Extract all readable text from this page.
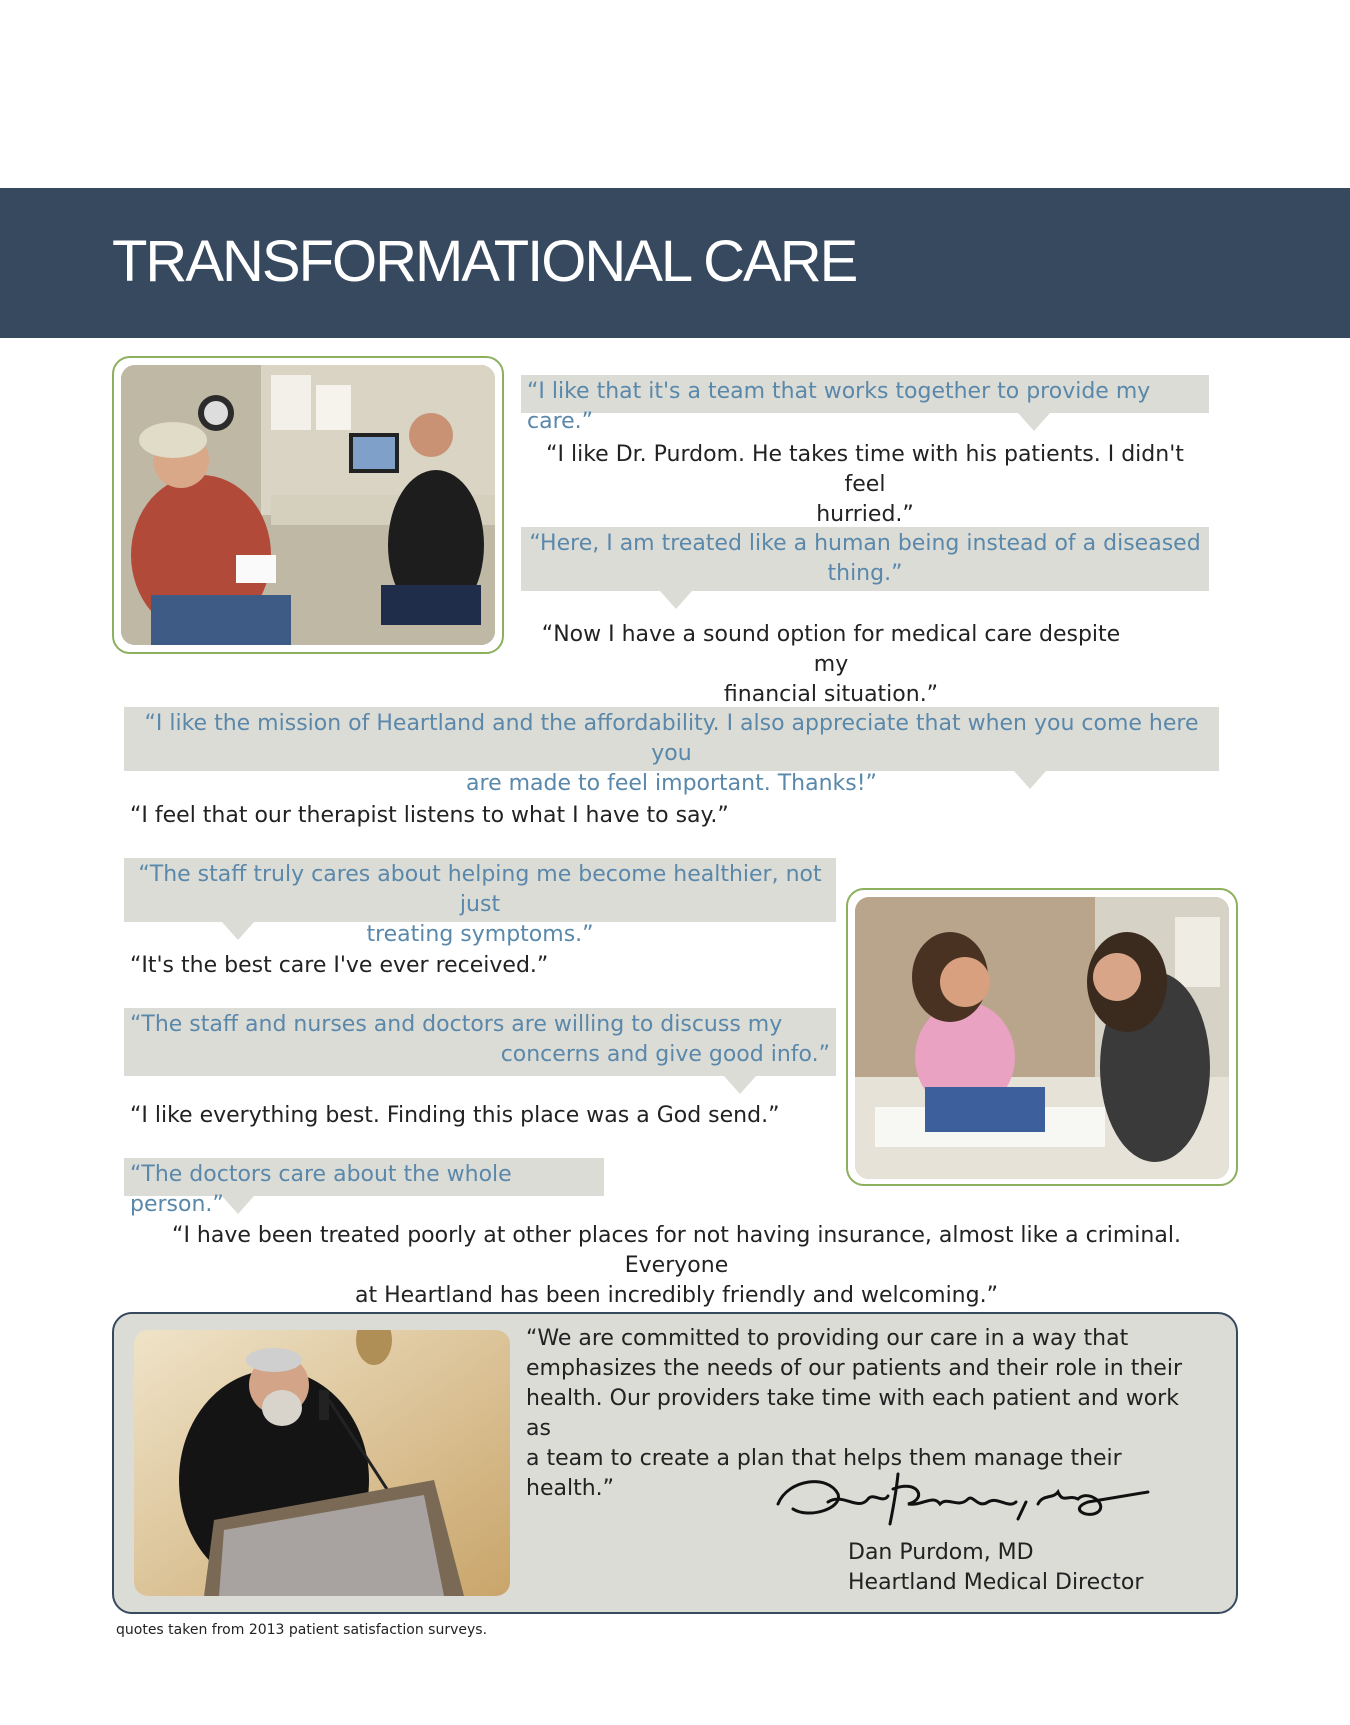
TRANSFORMATIONAL CARE
“I like that it's a team that works together to provide my care.”
“I like Dr. Purdom. He takes time with his patients. I didn't feel
hurried.”
“Here, I am treated like a human being instead of a diseased
thing.”
“Now I have a sound option for medical care despite my
financial situation.”
“I like the mission of Heartland and the affordability. I also appreciate that when you come here you
are made to feel important. Thanks!”
“I feel that our therapist listens to what I have to say.”
“The staff truly cares about helping me become healthier, not just
treating symptoms.”
“It's the best care I've ever received.”
“The staff and nurses and doctors are willing to discuss my
concerns and give good info.”
“I like everything best. Finding this place was a God send.”
“The doctors care about the whole person.”
“I have been treated poorly at other places for not having insurance, almost like a criminal. Everyone
at Heartland has been incredibly friendly and welcoming.”
“We are committed to providing our care in a way that
emphasizes the needs of our patients and their role in their
health. Our providers take time with each patient and work as
a team to create a plan that helps them manage their health.”
Dan Purdom, MD
Heartland Medical Director
quotes taken from 2013 patient satisfaction surveys.
